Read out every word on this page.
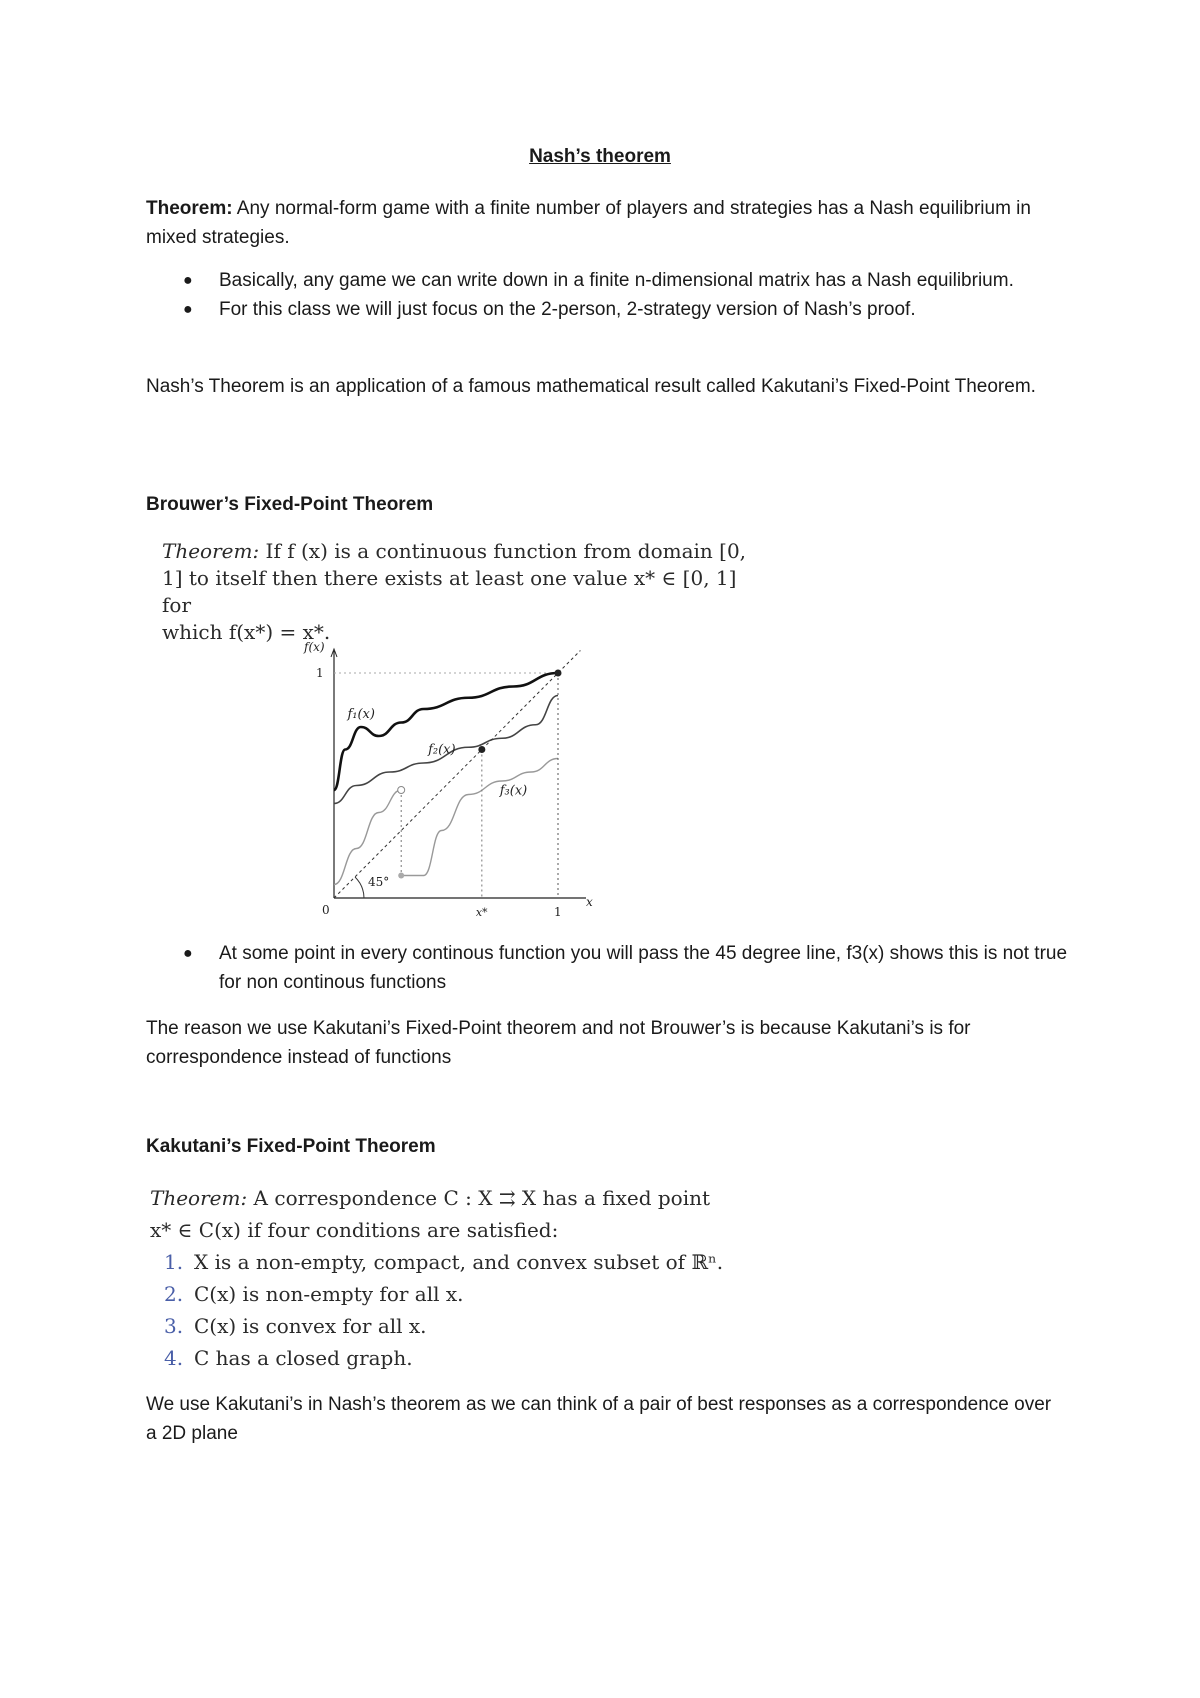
Nash’s theorem
Theorem: Any normal-form game with a finite number of players and strategies has a Nash equilibrium in mixed strategies.
● Basically, any game we can write down in a finite n-dimensional matrix has a Nash equilibrium.
● For this class we will just focus on the 2-person, 2-strategy version of Nash’s proof.
Nash’s Theorem is an application of a famous mathematical result called Kakutani’s Fixed-Point Theorem.
Brouwer’s Fixed-Point Theorem
Theorem: If f (x) is a continuous function from domain [0,
1] to itself then there exists at least one value x* ∈ [0, 1] for
which f(x*) = x*.
f(x)
x
1
0	x*	1
f₁(x)
f₂(x)
f₃(x)
45°
● At some point in every continous function you will pass the 45 degree line, f3(x) shows this is not true for non continous functions
The reason we use Kakutani’s Fixed-Point theorem and not Brouwer’s is because Kakutani’s is for correspondence instead of functions
Kakutani’s Fixed-Point Theorem
Theorem: A correspondence C : X ⇉ X has a fixed point
x* ∈ C(x) if four conditions are satisfied:
1. X is a non-empty, compact, and convex subset of ℝⁿ.
2. C(x) is non-empty for all x.
3. C(x) is convex for all x.
4. C has a closed graph.
We use Kakutani’s in Nash’s theorem as we can think of a pair of best responses as a correspondence over a 2D plane
